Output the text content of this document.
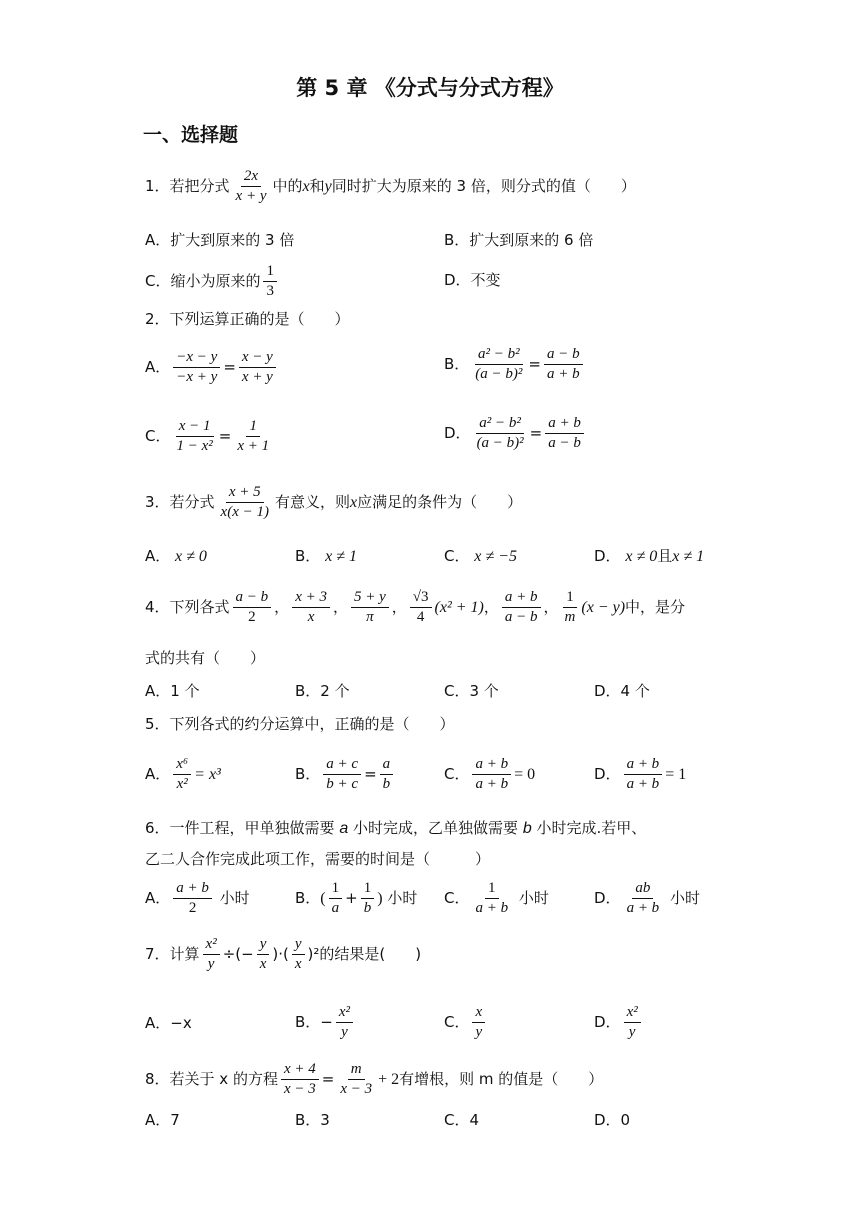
第 5 章 《分式与分式方程》
一、选择题
1．若把分式 $\frac{2x}{x + y}$ 中的x和y同时扩大为原来的 3 倍，则分式的值（　　）
A．扩大到原来的 3 倍	B．扩大到原来的 6 倍
C．缩小为原来的 $\frac{1}{3}$	D．不变
2．下列运算正确的是（　　）
A． $\frac{-x - y}{-x + y} = \frac{x - y}{x + y}$	B． $\frac{\text{a² − b²}}{\text{(a − b)²}} = \frac{a - b}{a + b}$
C． $\frac{x - 1}{\text{1 − x²}} = \frac{1}{x + 1}$	D． $\frac{\text{a² − b²}}{\text{(a − b)²}} = \frac{a + b}{a - b}$
3．若分式 $\frac{x + 5}{x(x - 1)}$ 有意义，则x应满足的条件为（　　）
A． x ≠ 0	B． x ≠ 1	C． x ≠ −5	D． x ≠ 0且x ≠ 1
4．下列各式 $\frac{a - b}{2}$ ， $\frac{x + 3}{x}$ ， $\frac{5 + y}{\pi}$ ， $\frac{√3}{4} (x^2 + 1)$， $\frac{a + b}{a - b}$ ， $\frac{1}{m} (x - y)$中，是分
式的共有（　　）
A．1 个	B．2 个	C．3 个	D．4 个
5．下列各式的约分运算中，正确的是（　　）
A． $\frac{\text{x⁶}}{\text{x²}} = x^3$	B． $\frac{a + c}{b + c} = \frac{a}{b}$	C． $\frac{a + b}{a + b} = 0$	D． $\frac{a + b}{a + b} = 1$
6．一件工程，甲单独做需要 a 小时完成，乙单独做需要 b 小时完成.若甲、
乙二人合作完成此项工作，需要的时间是（　　　）
A． $\frac{a + b}{2}$ 小时	B．( $\frac{1}{a} + \frac{1}{b}$ ) 小时 C． $\frac{1}{a + b}$ 小时	D． $\frac{ab}{a + b}$ 小时
7．计算 $\frac{\text{x²}}{y}$ ÷(− $\frac{y}{x}$ )·( $\frac{y}{x} )^2$的结果是(　　)
A．−x	B．− $\frac{\text{x²}}{y}$	C． $\frac{x}{y}$	D． $\frac{\text{x²}}{y}$
8．若关于 x 的方程 $\frac{x + 4}{x - 3} = \frac{m}{x - 3} + 2$有增根，则 m 的值是（　　）
A．7	B．3	C．4	D．0
